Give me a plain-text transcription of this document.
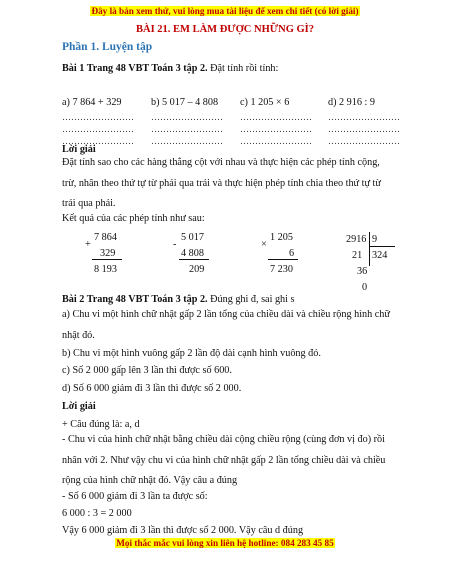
Đây là bản xem thử, vui lòng mua tài liệu để xem chi tiết (có lời giải)
BÀI 21. EM LÀM ĐƯỢC NHỮNG GÌ?
Phần 1. Luyện tập
Bài 1 Trang 48 VBT Toán 3 tập 2. Đặt tính rồi tính:
a) 7 864 + 329	b) 5 017 – 4 808 c) 1 205 × 6	d) 2 916 : 9
…………………… …………………… …………………… ……………………
…………………… …………………… …………………… ……………………
…………………… …………………… …………………… ……………………
Lời giải
Đặt tính sao cho các hàng thẳng cột với nhau và thực hiện các phép tính cộng, trừ, nhân theo thứ tự từ phải qua trái và thực hiện phép tính chia theo thứ tự từ trái qua phải.
Kết quả của các phép tính như sau:
7 864
+
329
8 193
5 017
-
4 808
209
1 205
×
6
7 230
2916 9
324
21
36
0
Bài 2 Trang 48 VBT Toán 3 tập 2. Đúng ghi đ, sai ghi s
a) Chu vi một hình chữ nhật gấp 2 lần tổng của chiều dài và chiều rộng hình chữ nhật đó.
b) Chu vi một hình vuông gấp 2 lần độ dài cạnh hình vuông đó.
c) Số 2 000 gấp lên 3 lần thì được số 600.
d) Số 6 000 giảm đi 3 lần thì được số 2 000.
Lời giải
+ Câu đúng là: a, d
- Chu vi của hình chữ nhật bằng chiều dài cộng chiều rộng (cùng đơn vị đo) rồi nhân với 2. Như vậy chu vi của hình chữ nhật gấp 2 lần tổng chiều dài và chiều rộng của hình chữ nhật đó. Vậy câu a đúng
- Số 6 000 giảm đi 3 lần ta được số:
6 000 : 3 = 2 000
Vậy 6 000 giảm đi 3 lần thì được số 2 000. Vậy câu d đúng
Mọi thắc mắc vui lòng xin liên hệ hotline: 084 283 45 85
